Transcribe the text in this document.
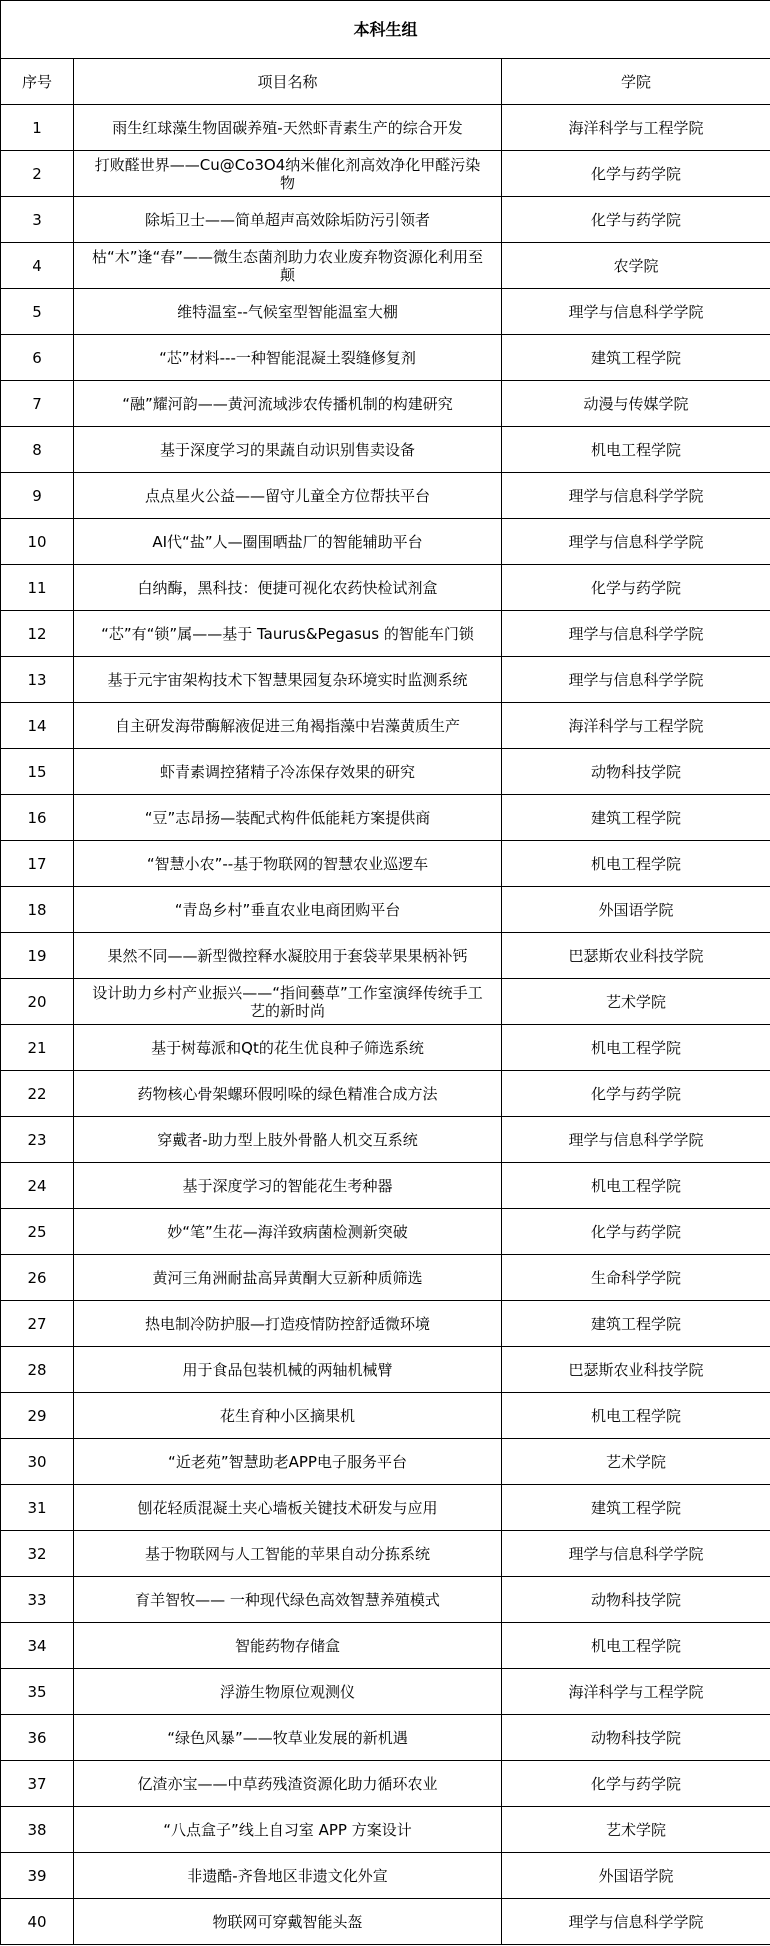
本科生组		
序号	项目名称	学院
1	雨生红球藻生物固碳养殖-天然虾青素生产的综合开发	海洋科学与工程学院
2	打败醛世界——Cu@Co3O4纳米催化剂高效净化甲醛污染物	化学与药学院
3	除垢卫士——简单超声高效除垢防污引领者	化学与药学院
4	枯“木”逢“春”——微生态菌剂助力农业废弃物资源化利用至颠	农学院
5	维特温室--气候室型智能温室大棚	理学与信息科学学院
6	“芯”材料---一种智能混凝土裂缝修复剂	建筑工程学院
7	“融”耀河韵——黄河流域涉农传播机制的构建研究	动漫与传媒学院
8	基于深度学习的果蔬自动识别售卖设备	机电工程学院
9	点点星火公益——留守儿童全方位帮扶平台	理学与信息科学学院
10	AI代“盐”人—圈围晒盐厂的智能辅助平台	理学与信息科学学院
11	白纳酶，黑科技：便捷可视化农药快检试剂盒	化学与药学院
12	“芯”有“锁”属——基于 Taurus&Pegasus 的智能车门锁	理学与信息科学学院
13	基于元宇宙架构技术下智慧果园复杂环境实时监测系统	理学与信息科学学院
14	自主研发海带酶解液促进三角褐指藻中岩藻黄质生产	海洋科学与工程学院
15	虾青素调控猪精子冷冻保存效果的研究	动物科技学院
16	“豆”志昂扬—装配式构件低能耗方案提供商	建筑工程学院
17	“智慧小农”--基于物联网的智慧农业巡逻车	机电工程学院
18	“青岛乡村”垂直农业电商团购平台	外国语学院
19	果然不同——新型微控释水凝胶用于套袋苹果果柄补钙	巴瑟斯农业科技学院
20	设计助力乡村产业振兴——“指间藝草”工作室演绎传统手工艺的新时尚	艺术学院
21	基于树莓派和Qt的花生优良种子筛选系统	机电工程学院
22	药物核心骨架螺环假吲哚的绿色精准合成方法	化学与药学院
23	穿戴者-助力型上肢外骨骼人机交互系统	理学与信息科学学院
24	基于深度学习的智能花生考种器	机电工程学院
25	妙“笔”生花—海洋致病菌检测新突破	化学与药学院
26	黄河三角洲耐盐高异黄酮大豆新种质筛选	生命科学学院
27	热电制冷防护服—打造疫情防控舒适微环境	建筑工程学院
28	用于食品包装机械的两轴机械臂	巴瑟斯农业科技学院
29	花生育种小区摘果机	机电工程学院
30	“近老苑”智慧助老APP电子服务平台	艺术学院
31	刨花轻质混凝土夹心墙板关键技术研发与应用	建筑工程学院
32	基于物联网与人工智能的苹果自动分拣系统	理学与信息科学学院
33	育羊智牧—— 一种现代绿色高效智慧养殖模式	动物科技学院
34	智能药物存储盒	机电工程学院
35	浮游生物原位观测仪	海洋科学与工程学院
36	“绿色风暴”——牧草业发展的新机遇	动物科技学院
37	亿渣亦宝——中草药残渣资源化助力循环农业	化学与药学院
38	“八点盒子”线上自习室 APP 方案设计	艺术学院
39	非遗酷-齐鲁地区非遗文化外宣	外国语学院
40	物联网可穿戴智能头盔	理学与信息科学学院
